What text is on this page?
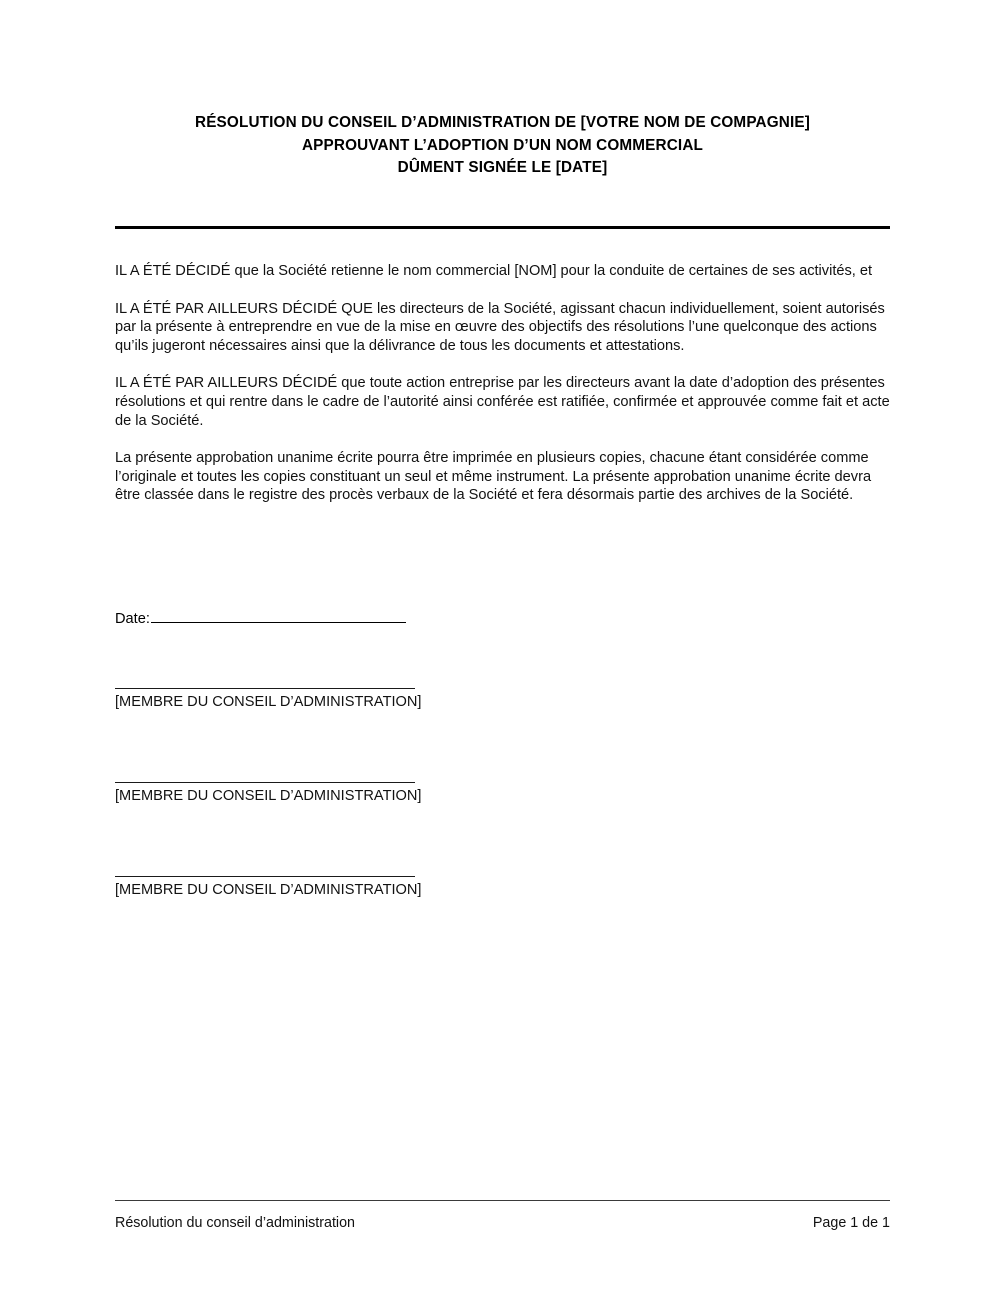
RÉSOLUTION DU CONSEIL D’ADMINISTRATION DE [VOTRE NOM DE COMPAGNIE]
APPROUVANT L’ADOPTION D’UN NOM COMMERCIAL
DÛMENT SIGNÉE LE [DATE]

IL A ÉTÉ DÉCIDÉ que la Société retienne le nom commercial [NOM] pour la conduite de certaines de ses activités, et

IL A ÉTÉ PAR AILLEURS DÉCIDÉ QUE les directeurs de la Société, agissant chacun individuellement, soient autorisés par la présente à entreprendre en vue de la mise en œuvre des objectifs des résolutions l’une quelconque des actions qu’ils jugeront nécessaires ainsi que la délivrance de tous les documents et attestations.

IL A ÉTÉ PAR AILLEURS DÉCIDÉ que toute action entreprise par les directeurs avant la date d’adoption des présentes résolutions et qui rentre dans le cadre de l’autorité ainsi conférée est ratifiée, confirmée et approuvée comme fait et acte de la Société.

La présente approbation unanime écrite pourra être imprimée en plusieurs copies, chacune étant considérée comme l’originale et toutes les copies constituant un seul et même instrument. La présente approbation unanime écrite devra être classée dans le registre des procès verbaux de la Société et fera désormais partie des archives de la Société.

Date:
[MEMBRE DU CONSEIL D’ADMINISTRATION]
[MEMBRE DU CONSEIL D’ADMINISTRATION]
[MEMBRE DU CONSEIL D’ADMINISTRATION]
Résolution du conseil d’administration	Page 1 de 1
